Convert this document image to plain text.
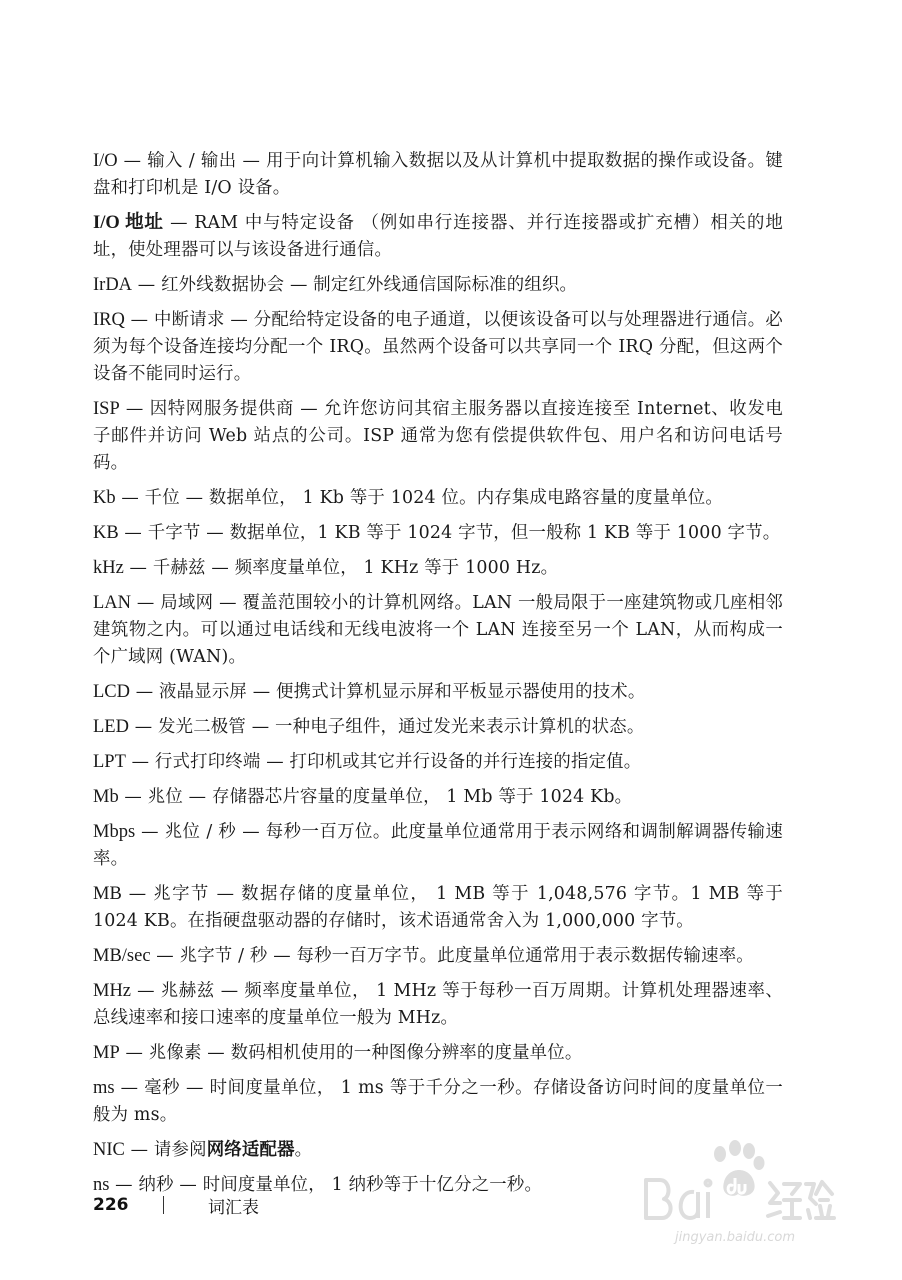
I/O — 输入 / 输出 — 用于向计算机输入数据以及从计算机中提取数据的操作或设备。键盘和打印机是 I/O 设备。

I/O 地址 — RAM 中与特定设备 （例如串行连接器、并行连接器或扩充槽）相关的地址，使处理器可以与该设备进行通信。

IrDA — 红外线数据协会 — 制定红外线通信国际标准的组织。

IRQ — 中断请求 — 分配给特定设备的电子通道，以便该设备可以与处理器进行通信。必须为每个设备连接均分配一个 IRQ。虽然两个设备可以共享同一个 IRQ 分配，但这两个设备不能同时运行。

ISP — 因特网服务提供商 — 允许您访问其宿主服务器以直接连接至 Internet、收发电子邮件并访问 Web 站点的公司。ISP 通常为您有偿提供软件包、用户名和访问电话号码。

Kb — 千位 — 数据单位， 1 Kb 等于 1024 位。内存集成电路容量的度量单位。

KB — 千字节 — 数据单位，1 KB 等于 1024 字节，但一般称 1 KB 等于 1000 字节。

kHz — 千赫兹 — 频率度量单位， 1 KHz 等于 1000 Hz。

LAN — 局域网 — 覆盖范围较小的计算机网络。LAN 一般局限于一座建筑物或几座相邻建筑物之内。可以通过电话线和无线电波将一个 LAN 连接至另一个 LAN，从而构成一个广域网 (WAN)。

LCD — 液晶显示屏 — 便携式计算机显示屏和平板显示器使用的技术。

LED — 发光二极管 — 一种电子组件，通过发光来表示计算机的状态。

LPT — 行式打印终端 — 打印机或其它并行设备的并行连接的指定值。

Mb — 兆位 — 存储器芯片容量的度量单位， 1 Mb 等于 1024 Kb。

Mbps — 兆位 / 秒 — 每秒一百万位。此度量单位通常用于表示网络和调制解调器传输速率。

MB — 兆字节 — 数据存储的度量单位， 1 MB 等于 1,048,576 字节。1 MB 等于 1024 KB。在指硬盘驱动器的存储时，该术语通常舍入为 1,000,000 字节。

MB/sec — 兆字节 / 秒 — 每秒一百万字节。此度量单位通常用于表示数据传输速率。

MHz — 兆赫兹 — 频率度量单位， 1 MHz 等于每秒一百万周期。计算机处理器速率、总线速率和接口速率的度量单位一般为 MHz。

MP — 兆像素 — 数码相机使用的一种图像分辨率的度量单位。

ms — 毫秒 — 时间度量单位， 1 ms 等于千分之一秒。存储设备访问时间的度量单位一般为 ms。

NIC — 请参阅网络适配器。

ns — 纳秒 — 时间度量单位， 1 纳秒等于十亿分之一秒。

226	词汇表
jingyan.baidu.com
